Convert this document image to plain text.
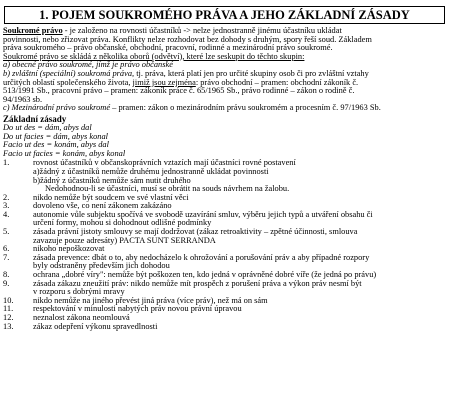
1. POJEM SOUKROMÉHO PRÁVA A JEHO ZÁKLADNÍ ZÁSADY

Soukromé právo - je založeno na rovnosti účastníků -> nelze jednostranně jinému účastníku ukládat

povinnosti, nebo zřizovat práva. Konflikty nelze rozhodovat bez dohody s druhým, spory řeší soud. Základem

práva soukromého – právo občanské, obchodní, pracovní, rodinné a mezinárodní právo soukromé.

Soukromé právo se skládá z několika oborů (odvětví), které lze seskupit do těchto skupin:

a) obecné právo soukromé, jímž je právo občanské

b) zvláštní (speciální) soukromá práva, tj. práva, která platí jen pro určité skupiny osob či pro zvláštní vztahy

určitých oblastí společenského života, jimiž jsou zejména: právo obchodní – pramen: obchodní zákoník č.

513/1991 Sb., pracovní právo – pramen: zákoník práce č. 65/1965 Sb., právo rodinné – zákon o rodině č.

94/1963 sb.

c) Mezinárodní právo soukromé – pramen: zákon o mezinárodním právu soukromém a procesním č. 97/1963 Sb.

Základní zásady

Do ut des = dám, abys dal

Do ut facies = dám, abys konal

Facio ut des = konám, abys dal

Facio ut facies = konám, abys konal

1.	rovnost účastníků v občanskoprávních vztazích mají účastníci rovné postavení
a)žádný z účastníků nemůže druhému jednostranně ukládat povinnosti
b)žádný z účastníků nemůže sám nutit druhého
Nedohodnou-li se účastníci, musí se obrátit na souds návrhem na žalobu.
2.	nikdo nemůže být soudcem ve své vlastní věci
3.	dovoleno vše, co není zákonem zakázáno
4.	autonomie vůle subjektu spočívá ve svobodě uzavírání smluv, výběru jejich typů a utváření obsahu či
určení formy, mohou si dohodnout odlišné podmínky
5.	zásada právní jistoty smlouvy se mají dodržovat (zákaz retroaktivity – zpětné účinnosti, smlouva
zavazuje pouze adresáty) PACTA SUNT SERRANDA
6.	nikoho nepoškozovat
7.	zásada prevence: dbát o to, aby nedocházelo k ohrožování a porušování práv a aby případné rozpory
byly odstraněny především jich dohodou
8.	ochrana „dobré víry": nemůže být poškozen ten, kdo jedná v oprávněné dobré víře (že jedná po právu)
9.	zásada zákazu zneužití práv: nikdo nemůže mít prospěch z porušení práva a výkon práv nesmí být
v rozporu s dobrými mravy
10.	nikdo nemůže na jiného převést jiná práva (více práv), než má on sám
11.	respektování v minulosti nabytých práv novou právní úpravou
12.	neznalost zákona neomlouvá
13.	zákaz odepření výkonu spravedlnosti
